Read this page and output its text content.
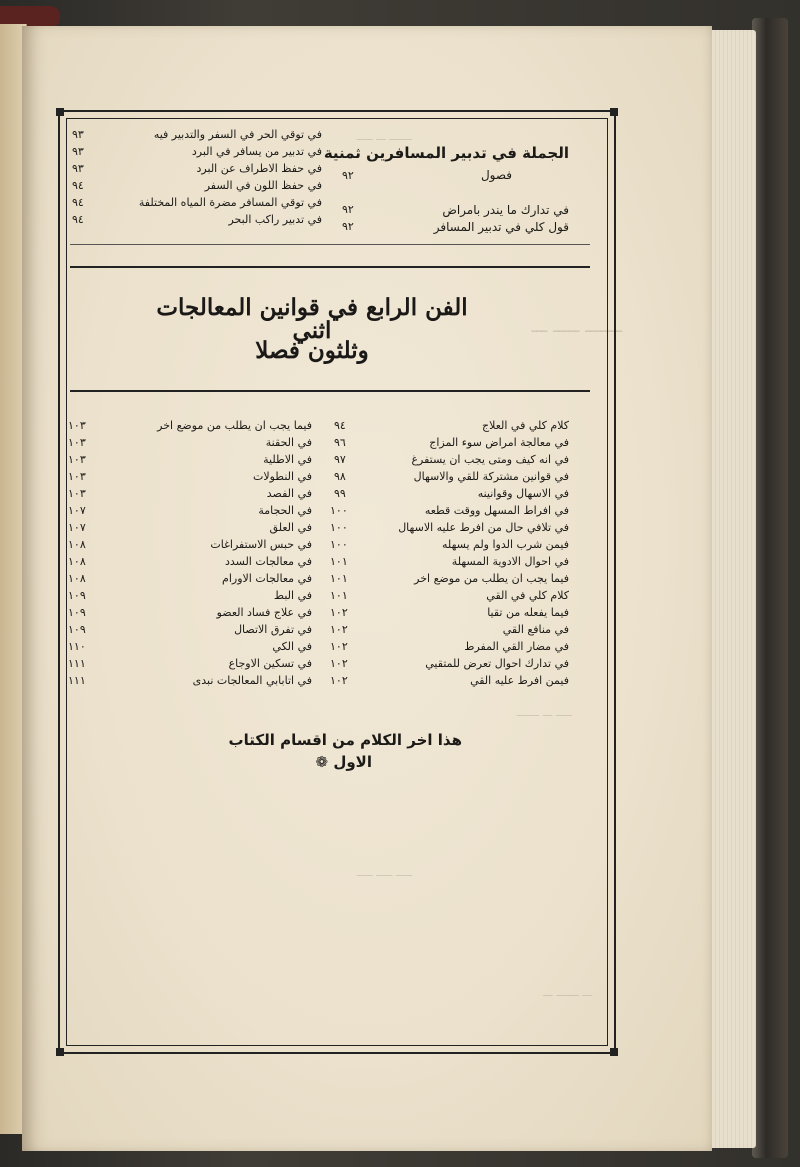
ـــــــ ـــ ـــــ
ـــــــ ـــــ ـــ
ـــــ ـــ ـــــــ
ـــــ ـــــ ـــــ
ـــ ـــــــ ـــ
الجملة في تدبير المسافرين ثمنية
فصول
٩٢
في تدارك ما يندر بامراض
٩٢
قول كلي في تدبير المسافر
٩٢
في توقي الحر في السفر والتدبير فيه
٩٣
في تدبير من يسافر في البرد
٩٣
في حفظ الاطراف عن البرد
٩٣
في حفظ اللون في السفر
٩٤
في توقي المسافر مضرة المياه المختلفة
٩٤
في تدبير راكب البحر
٩٤
الفن الرابع في قوانين المعالجات اثني
وثلثون فصلا
كلام كلي في العلاج
٩٤
في معالجة امراض سوء المزاج
٩٦
في انه كيف ومتى يجب ان يستفرغ
٩٧
في قوانين مشتركة للقي والاسهال
٩٨
في الاسهال وقوانينه
٩٩
في افراط المسهل ووقت قطعه
١٠٠
في تلافي حال من افرط عليه الاسهال
١٠٠
فيمن شرب الدوا ولم يسهله
١٠٠
في احوال الادوية المسهلة
١٠١
فيما يجب ان يطلب من موضع اخر
١٠١
كلام كلي في القي
١٠١
فيما يفعله من تقيا
١٠٢
في منافع القي
١٠٢
في مضار القي المفرط
١٠٢
في تدارك احوال تعرض للمتقيي
١٠٢
فيمن افرط عليه القي
١٠٢
فيما يجب ان يطلب من موضع اخر
١٠٣
في الحقنة
١٠٣
في الاطلية
١٠٣
في النطولات
١٠٣
في الفصد
١٠٣
في الحجامة
١٠٧
في العلق
١٠٧
في حبس الاستفراغات
١٠٨
في معالجات السدد
١٠٨
في معالجات الاورام
١٠٨
في البط
١٠٩
في علاج فساد العضو
١٠٩
في تفرق الاتصال
١٠٩
في الكي
١١٠
في تسكين الاوجاع
١١١
في اتابابي المعالجات نبدى
١١١
هذا اخر الكلام من اقسام الكتاب
الاول ❁
